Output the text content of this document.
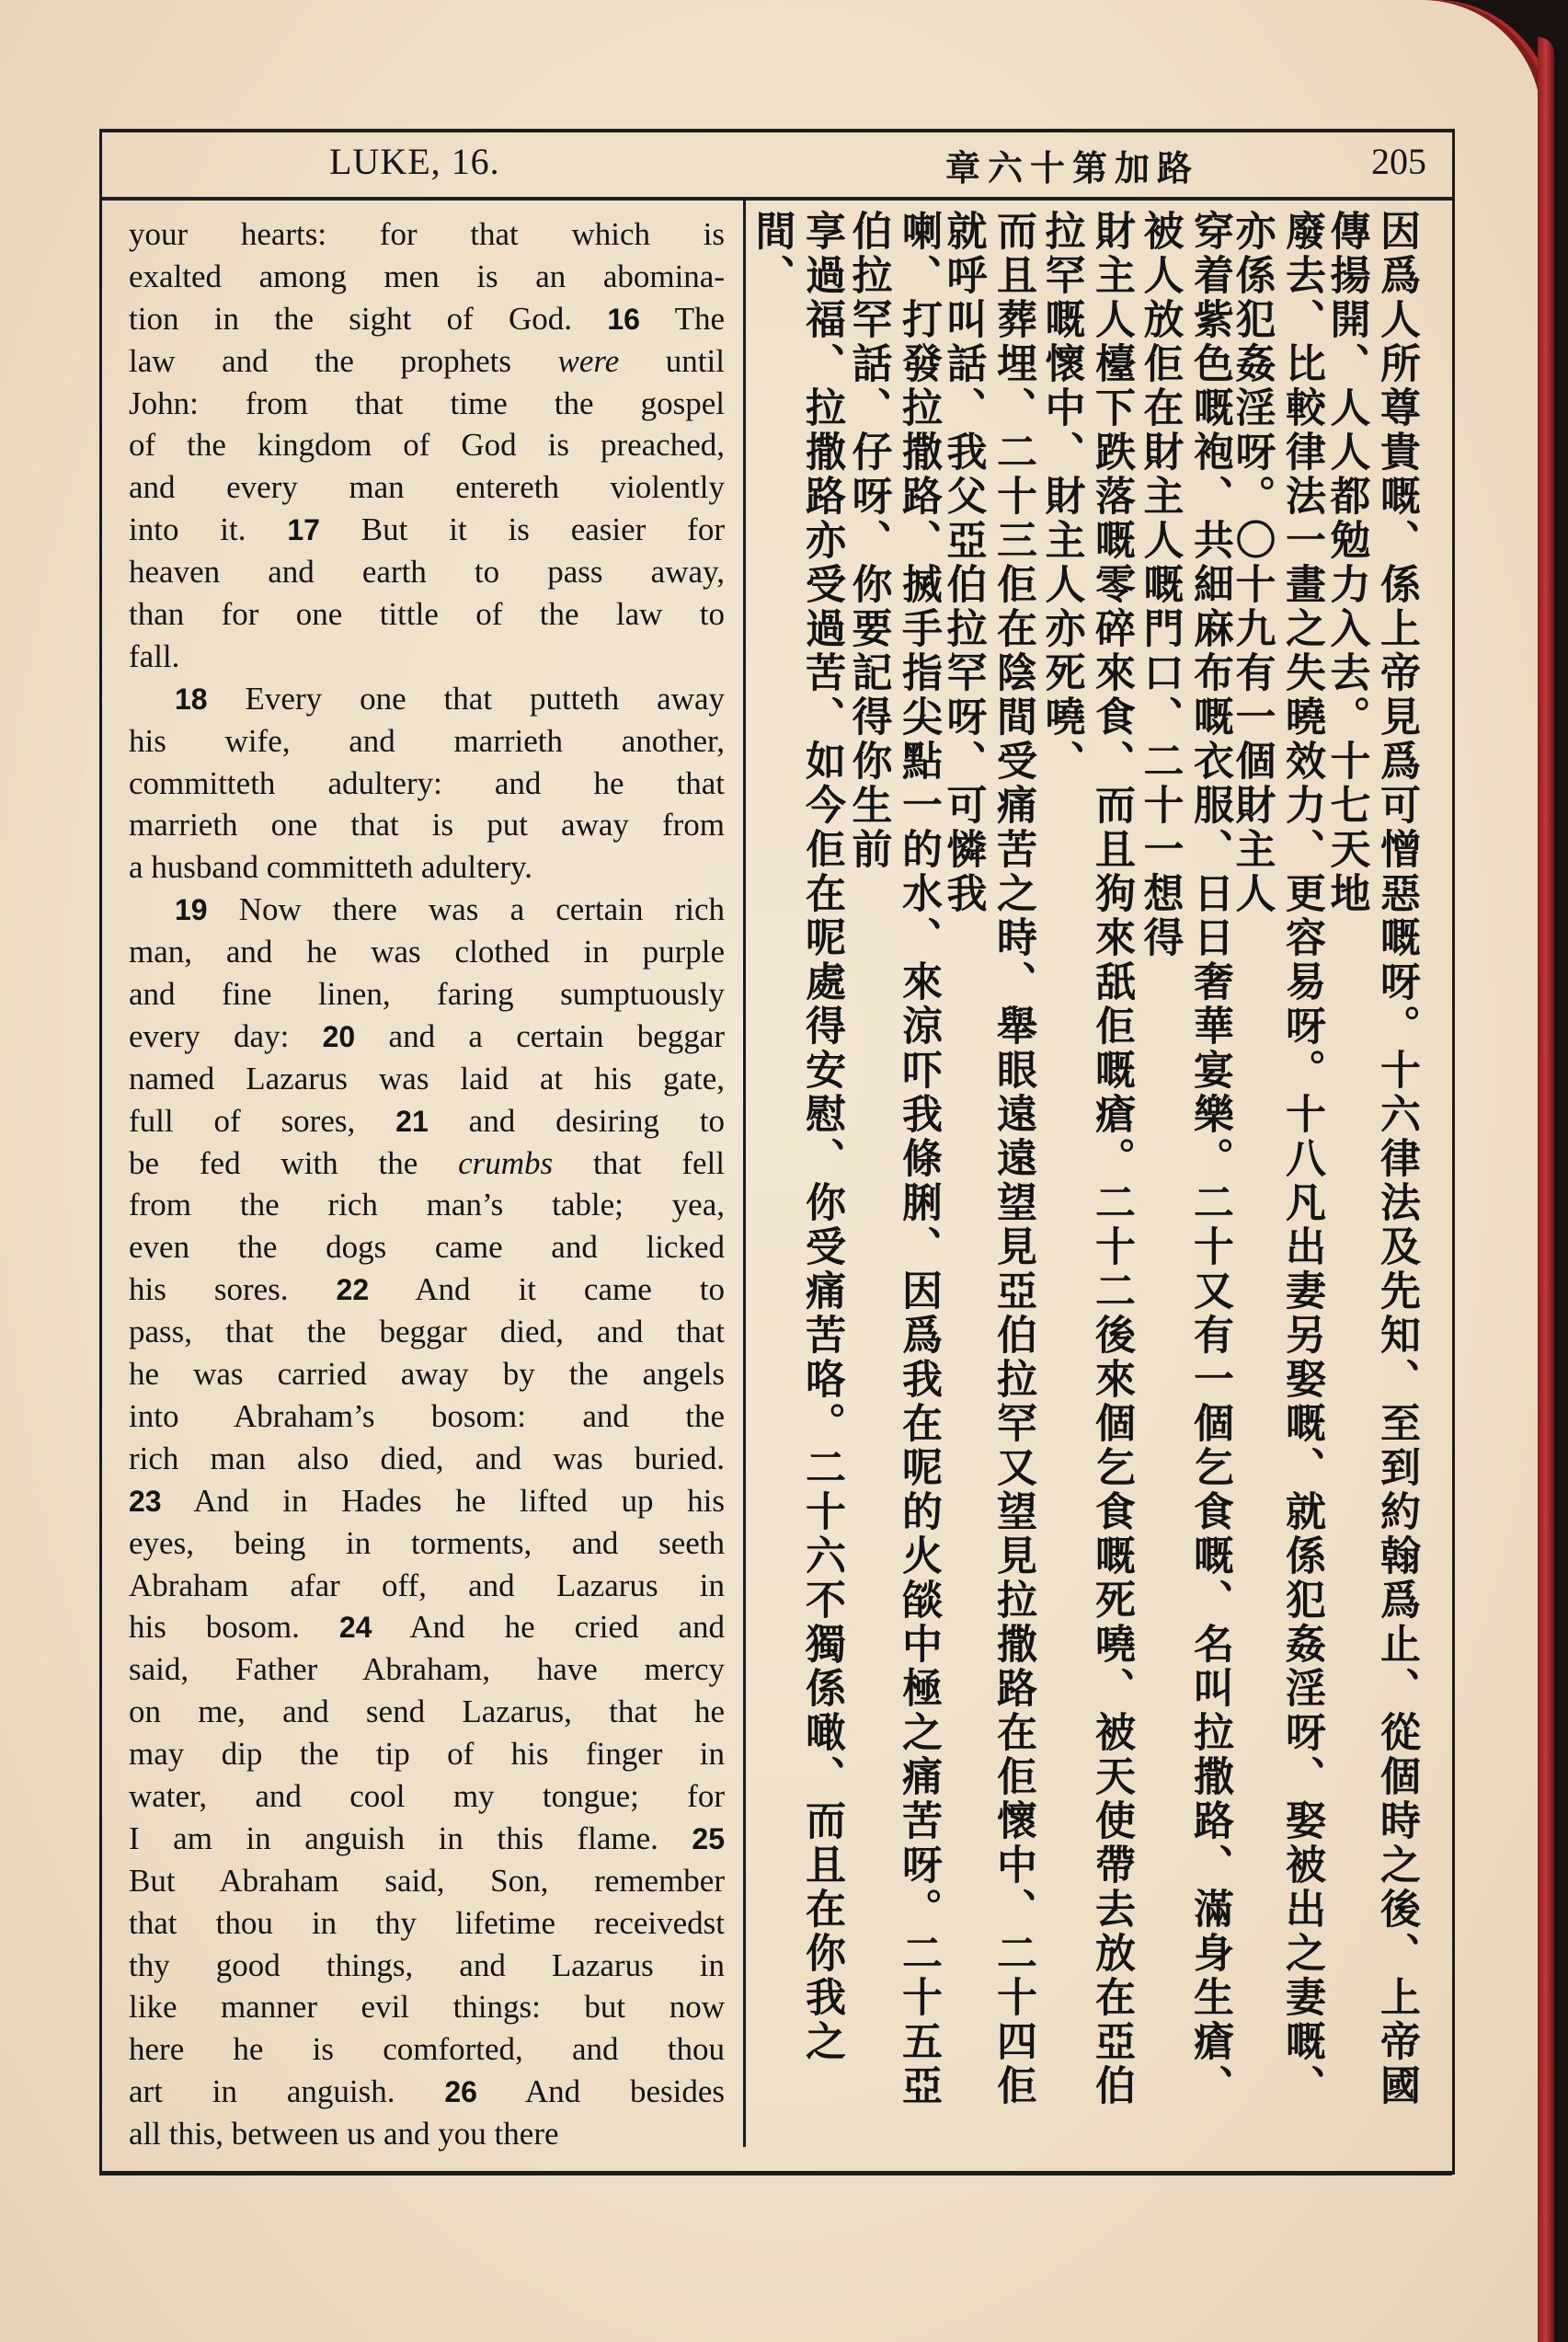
LUKE, 16.	章六十第加路	205
your hearts: for that which is
exalted among men is an abomina-
tion in the sight of God. 16 The
law and the prophets were until
John: from that time the gospel
of the kingdom of God is preached,
and every man entereth violently
into it. 17 But it is easier for
heaven and earth to pass away,
than for one tittle of the law to
fall.
18 Every one that putteth away
his wife, and marrieth another,
committeth adultery: and he that
marrieth one that is put away from
a husband committeth adultery.
19 Now there was a certain rich
man, and he was clothed in purple
and fine linen, faring sumptuously
every day: 20 and a certain beggar
named Lazarus was laid at his gate,
full of sores, 21 and desiring to
be fed with the crumbs that fell
from the rich man’s table; yea,
even the dogs came and licked
his sores. 22 And it came to
pass, that the beggar died, and that
he was carried away by the angels
into Abraham’s bosom: and the
rich man also died, and was buried.
23 And in Hades he lifted up his
eyes, being in torments, and seeth
Abraham afar off, and Lazarus in
his bosom. 24 And he cried and
said, Father Abraham, have mercy
on me, and send Lazarus, that he
may dip the tip of his finger in
water, and cool my tongue; for
I am in anguish in this flame. 25
But Abraham said, Son, remember
that thou in thy lifetime receivedst
thy good things, and Lazarus in
like manner evil things: but now
here he is comforted, and thou
art in anguish. 26 And besides
all this, between us and you there
因爲人所尊貴嘅、係上帝見爲可憎惡嘅呀。十六律法及先知、至到約翰爲止、從個時之後、上帝國傳揚開、人人都勉力入去。十七天地
廢去、比較律法一畫之失曉效力、更容易呀。十八凡出妻另娶嘅、就係犯姦淫呀、娶被出之妻嘅、亦係犯姦淫呀。〇十九有一個財主人
穿着紫色嘅袍、共細麻布嘅衣服、日日奢華宴樂。二十又有一個乞食嘅、名叫拉撒路、滿身生瘡、被人放佢在財主人嘅門口、二十一想得
財主人檯下跌落嘅零碎來食、而且狗來舐佢嘅瘡。二十二後來個乞食嘅死嘵、被天使帶去放在亞伯拉罕嘅懷中、財主人亦死嘵、
而且葬埋、二十三佢在陰間受痛苦之時、舉眼遠遠望見亞伯拉罕又望見拉撒路在佢懷中、二十四佢就呼叫話、我父亞伯拉罕呀、可憐我
喇、打發拉撒路、搣手指尖點一的水、來涼吓我條脷、因爲我在呢的火燄中極之痛苦呀。二十五亞伯拉罕話、仔呀、你要記得你生前
享過福、拉撒路亦受過苦、如今佢在呢處得安慰、你受痛苦咯。二十六不獨係噉、而且在你我之間、
